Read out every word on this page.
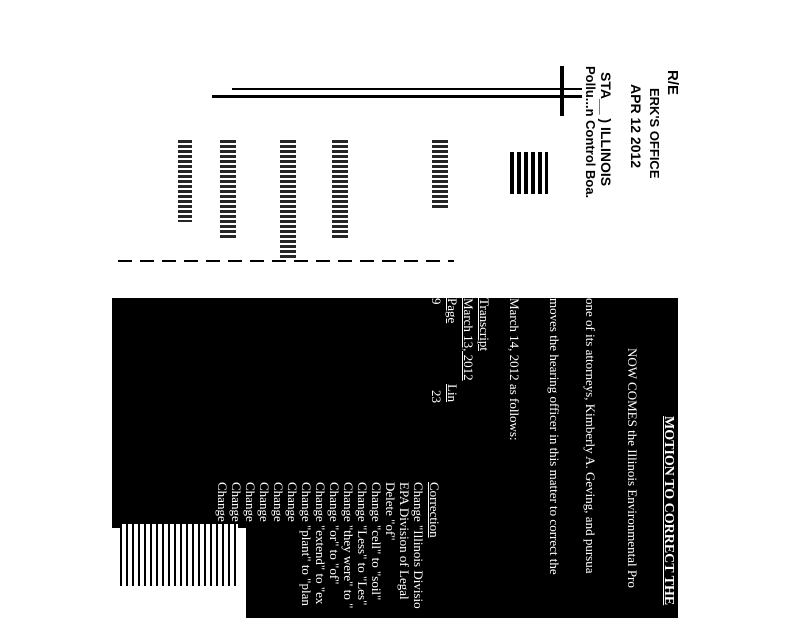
R/E
ERK'S OFFICE
APR 12 2012
STA__ ) ILLINOIS
Pollu...n Control Boa.
MOTION TO CORRECT THE
NOW COMES the Illinois Environmental Pro
one of its attorneys, Kimberly A. Geving, and pursua
moves the hearing officer in this matter to correct the
March 14, 2012 as follows:
Transcript
March 13, 2012
Page
9
Lin
23
Correction
Change "Illinois Divisio
EPA Division of Legal
Delete "of"
Change "cell" to "soil"
Change "Less" to "Les"
Change "they were" to "
Change "or" to "of"
Change "extend" to "ex
Change "plant" to "plan
Change
Change
Change
Change
Change
Change
